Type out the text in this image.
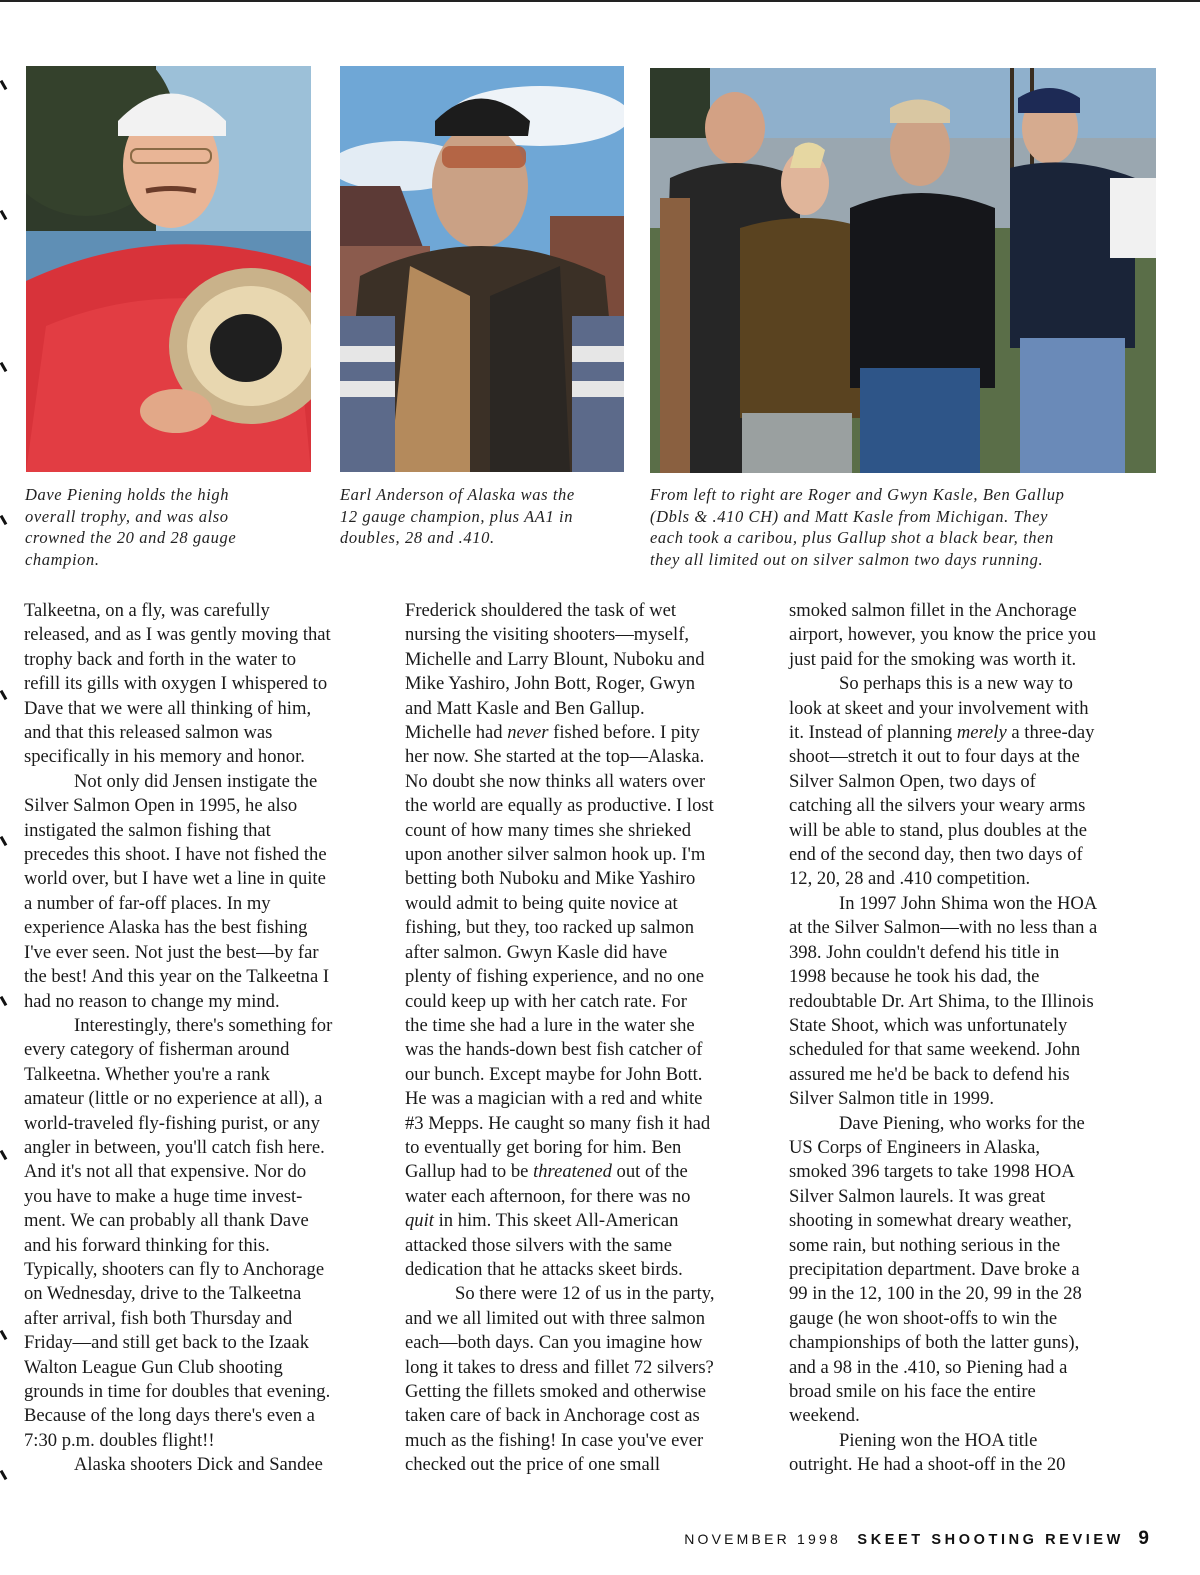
Dave Piening holds the high
overall trophy, and was also
crowned the 20 and 28 gauge
champion.

Earl Anderson of Alaska was the
12 gauge champion, plus AA1 in
doubles, 28 and .410.

From left to right are Roger and Gwyn Kasle, Ben Gallup
(Dbls & .410 CH) and Matt Kasle from Michigan. They
each took a caribou, plus Gallup shot a black bear, then
they all limited out on silver salmon two days running.

Talkeetna, on a fly, was carefully

released, and as I was gently moving that

trophy back and forth in the water to

refill its gills with oxygen I whispered to

Dave that we were all thinking of him,

and that this released salmon was

specifically in his memory and honor.

Not only did Jensen instigate the

Silver Salmon Open in 1995, he also

instigated the salmon fishing that

precedes this shoot. I have not fished the

world over, but I have wet a line in quite

a number of far-off places. In my

experience Alaska has the best fishing

I've ever seen. Not just the best—by far

the best! And this year on the Talkeetna I

had no reason to change my mind.

Interestingly, there's something for

every category of fisherman around

Talkeetna. Whether you're a rank

amateur (little or no experience at all), a

world-traveled fly-fishing purist, or any

angler in between, you'll catch fish here.

And it's not all that expensive. Nor do

you have to make a huge time invest-

ment. We can probably all thank Dave

and his forward thinking for this.

Typically, shooters can fly to Anchorage

on Wednesday, drive to the Talkeetna

after arrival, fish both Thursday and

Friday—and still get back to the Izaak

Walton League Gun Club shooting

grounds in time for doubles that evening.

Because of the long days there's even a

7:30 p.m. doubles flight!!

Alaska shooters Dick and Sandee

Frederick shouldered the task of wet

nursing the visiting shooters—myself,

Michelle and Larry Blount, Nuboku and

Mike Yashiro, John Bott, Roger, Gwyn

and Matt Kasle and Ben Gallup.

Michelle had never fished before. I pity

her now. She started at the top—Alaska.

No doubt she now thinks all waters over

the world are equally as productive. I lost

count of how many times she shrieked

upon another silver salmon hook up. I'm

betting both Nuboku and Mike Yashiro

would admit to being quite novice at

fishing, but they, too racked up salmon

after salmon. Gwyn Kasle did have

plenty of fishing experience, and no one

could keep up with her catch rate. For

the time she had a lure in the water she

was the hands-down best fish catcher of

our bunch. Except maybe for John Bott.

He was a magician with a red and white

#3 Mepps. He caught so many fish it had

to eventually get boring for him. Ben

Gallup had to be threatened out of the

water each afternoon, for there was no

quit in him. This skeet All-American

attacked those silvers with the same

dedication that he attacks skeet birds.

So there were 12 of us in the party,

and we all limited out with three salmon

each—both days. Can you imagine how

long it takes to dress and fillet 72 silvers?

Getting the fillets smoked and otherwise

taken care of back in Anchorage cost as

much as the fishing! In case you've ever

checked out the price of one small

smoked salmon fillet in the Anchorage

airport, however, you know the price you

just paid for the smoking was worth it.

So perhaps this is a new way to

look at skeet and your involvement with

it. Instead of planning merely a three-day

shoot—stretch it out to four days at the

Silver Salmon Open, two days of

catching all the silvers your weary arms

will be able to stand, plus doubles at the

end of the second day, then two days of

12, 20, 28 and .410 competition.

In 1997 John Shima won the HOA

at the Silver Salmon—with no less than a

398. John couldn't defend his title in

1998 because he took his dad, the

redoubtable Dr. Art Shima, to the Illinois

State Shoot, which was unfortunately

scheduled for that same weekend. John

assured me he'd be back to defend his

Silver Salmon title in 1999.

Dave Piening, who works for the

US Corps of Engineers in Alaska,

smoked 396 targets to take 1998 HOA

Silver Salmon laurels. It was great

shooting in somewhat dreary weather,

some rain, but nothing serious in the

precipitation department. Dave broke a

99 in the 12, 100 in the 20, 99 in the 28

gauge (he won shoot-offs to win the

championships of both the latter guns),

and a 98 in the .410, so Piening had a

broad smile on his face the entire

weekend.

Piening won the HOA title

outright. He had a shoot-off in the 20

NOVEMBER 1998 SKEET SHOOTING REVIEW 9
